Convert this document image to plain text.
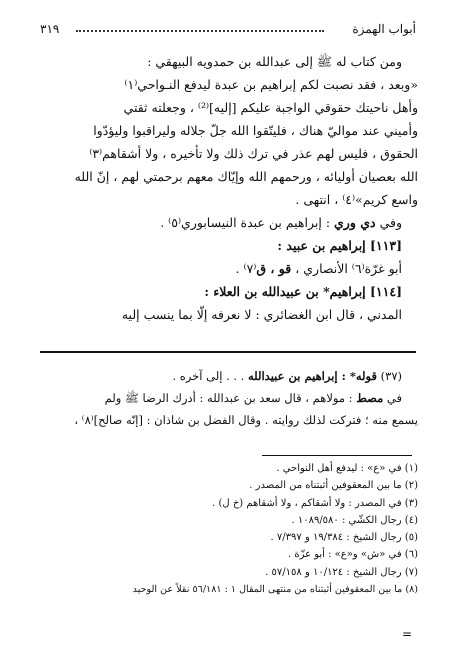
أبواب الهمزة
٣١٩

ومن كتاب له ﷺ إلى عبدالله بن حمدويه البيهقي :

«وبعد ، فقد نصبت لكم إبراهيم بن عبدة ليدفع النـواحي⁽١⁾

وأهل ناحيتك حقوقي الواجبة عليكم [إليه]⁽²⁾ ، وجعلته ثقتي

وأميني عند مواليّ هناك ، فليتّقوا الله جلّ جلاله وليراقبوا وليؤدّوا

الحقوق ، فليس لهم عذر في ترك ذلك ولا تأخيره ، ولا أشقاهم⁽٣⁾

الله بعصيان أوليائه ، ورحمهم الله وإيّاك معهم برحمتي لهم ، إنّ الله

واسع كريم»⁽٤⁾ ، انتهى .

وفي دي وري : إبراهيم بن عبدة النيسابوري⁽٥⁾ .

[١١٣] إبراهيم بن عبيد :

أبو غرّة⁽٦⁾ الأنصاري ، قو ، ق⁽٧⁾ .

[١١٤] إبراهيم* بن عبيدالله بن العلاء :

المدني ، قال ابن الغضائري : لا نعرفه إلّا بما ينسب إليه

(٣٧) قوله* : إبراهيم بن عبيدالله . . . إلى آخره .

في مصط : مولاهم ، قال سعد بن عبدالله : أدرك الرضا ﷺ ولم

يسمع منه ؛ فتركت لذلك روايته . وقال الفضل بن شاذان : [إنّه صالح]⁽٨⁾ ،

(١) في «ع» : ليدفع أهل النواحي .

(٢) ما بين المعقوفين أثبتناه من المصدر .

(٣) في المصدر : ولا أشقاكم ، ولا أشقاهم (خ ل) .

(٤) رجال الكشّي : ١٠٨٩/٥٨٠ .

(٥) رجال الشيخ : ١٩/٣٨٤ و ٧/٣٩٧ .

(٦) في «ش» و«ع» : أبو عزّة .

(٧) رجال الشيخ : ١٠/١٢٤ و ٥٧/١٥٨ .

(٨) ما بين المعقوفين أثبتناه من منتهى المقال ١ : ٥٦/١٨١ نقلاً عن الوحيد

=
